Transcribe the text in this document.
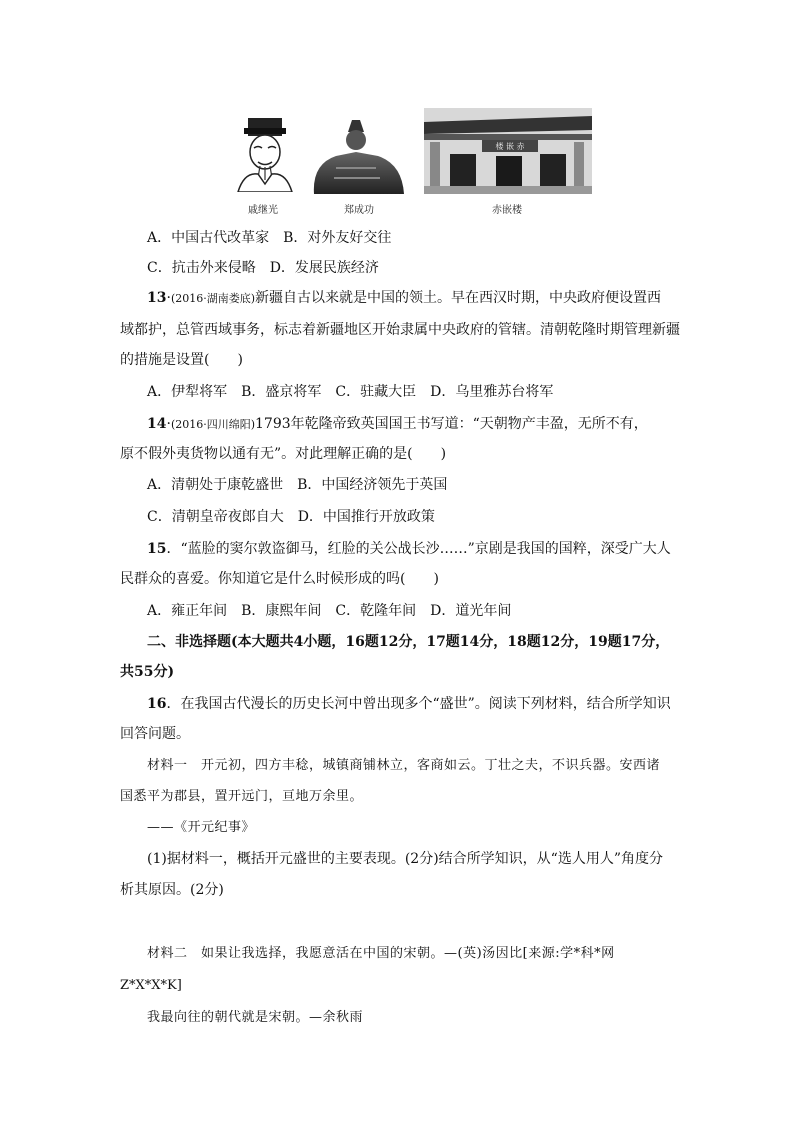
戚继光	郑成功
楼 嵌 赤
赤嵌楼
A．中国古代改革家　B．对外友好交往
C．抗击外来侵略　D．发展民族经济
13·(2016·湖南娄底)新疆自古以来就是中国的领土。早在西汉时期，中央政府便设置西
域都护，总管西域事务，标志着新疆地区开始隶属中央政府的管辖。清朝乾隆时期管理新疆
的措施是设置(　　)
A．伊犁将军　B．盛京将军　C．驻藏大臣　D．乌里雅苏台将军
14·(2016·四川绵阳)1793年乾隆帝致英国国王书写道：“天朝物产丰盈，无所不有，
原不假外夷货物以通有无”。对此理解正确的是(　　)
A．清朝处于康乾盛世　B．中国经济领先于英国
C．清朝皇帝夜郎自大　D．中国推行开放政策
15．“蓝脸的窦尔敦盗御马，红脸的关公战长沙……”京剧是我国的国粹，深受广大人
民群众的喜爱。你知道它是什么时候形成的吗(　　)
A．雍正年间　B．康熙年间　C．乾隆年间　D．道光年间
二、非选择题(本大题共4小题，16题12分，17题14分，18题12分，19题17分，
共55分)
16．在我国古代漫长的历史长河中曾出现多个“盛世”。阅读下列材料，结合所学知识
回答问题。
材料一　开元初，四方丰稔，城镇商铺林立，客商如云。丁壮之夫，不识兵器。安西诸
国悉平为郡县，置开远门，亘地万余里。
——《开元纪事》
(1)据材料一，概括开元盛世的主要表现。(2分)结合所学知识，从“选人用人”角度分
析其原因。(2分)
材料二　如果让我选择，我愿意活在中国的宋朝。—(英)汤因比[来源:学*科*网
Z*X*X*K]
我最向往的朝代就是宋朝。—余秋雨
